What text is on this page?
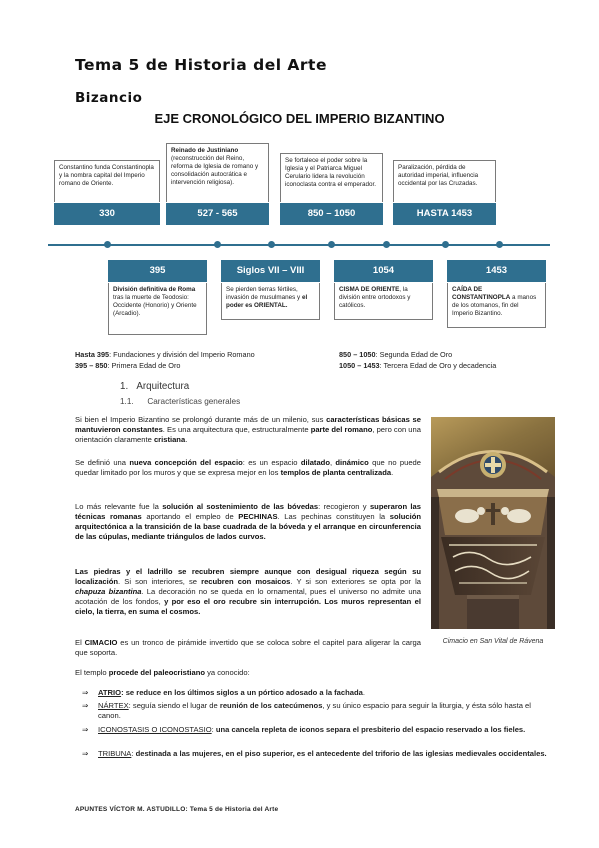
Tema 5 de Historia del Arte
Bizancio
EJE CRONOLÓGICO DEL IMPERIO BIZANTINO
Constantino funda Constantinopla y la nombra capital del Imperio romano de Oriente.
Reinado de Justiniano (reconstrucción del Reino, reforma de Iglesia de romano y consolidación autocrática e intervención religiosa).
Se fortalece el poder sobre la Iglesia y el Patriarca Miguel Cerulario lidera la revolución iconoclasta contra el emperador.
Paralización, pérdida de autoridad imperial, influencia occidental por las Cruzadas.
330	527 - 565	850 – 1050	HASTA 1453
395	Siglos VII – VIII	1054	1453
División definitiva de Roma tras la muerte de Teodosio: Occidente (Honorio) y Oriente (Arcadio).
Se pierden tierras fértiles, invasión de musulmanes y el poder es ORIENTAL.
CISMA DE ORIENTE, la división entre ortodoxos y católicos.
CAÍDA DE CONSTANTINOPLA a manos de los otomanos, fin del Imperio Bizantino.
Hasta 395: Fundaciones y división del Imperio Romano
395 – 850: Primera Edad de Oro
850 – 1050: Segunda Edad de Oro
1050 – 1453: Tercera Edad de Oro y decadencia
1. Arquitectura
1.1. Características generales
Si bien el Imperio Bizantino se prolongó durante más de un milenio, sus características básicas se mantuvieron constantes. Es una arquitectura que, estructuralmente parte del romano, pero con una orientación claramente cristiana.
Se definió una nueva concepción del espacio: es un espacio dilatado, dinámico que no puede quedar limitado por los muros y que se expresa mejor en los templos de planta centralizada.
Lo más relevante fue la solución al sostenimiento de las bóvedas: recogieron y superaron las técnicas romanas aportando el empleo de PECHINAS. Las pechinas constituyen la solución arquitectónica a la transición de la base cuadrada de la bóveda y el arranque en circunferencia de las cúpulas, mediante triángulos de lados curvos.
Las piedras y el ladrillo se recubren siempre aunque con desigual riqueza según su localización. Si son interiores, se recubren con mosaicos. Y si son exteriores se opta por la chapuza bizantina. La decoración no se queda en lo ornamental, pues el universo no admite una acotación de los fondos, y por eso el oro recubre sin interrupción. Los muros representan el cielo, la tierra, en suma el cosmos.
El CIMACIO es un tronco de pirámide invertido que se coloca sobre el capitel para aligerar la carga que soporta.
El templo procede del paleocristiano ya conocido:
⇒ ATRIO: se reduce en los últimos siglos a un pórtico adosado a la fachada.
⇒ NÁRTEX: seguía siendo el lugar de reunión de los catecúmenos, y su único espacio para seguir la liturgia, y ésta sólo hasta el canon.
⇒ ICONOSTASIS O ICONOSTASIO: una cancela repleta de iconos separa el presbiterio del espacio reservado a los fieles.
⇒ TRIBUNA: destinada a las mujeres, en el piso superior, es el antecedente del triforio de las iglesias medievales occidentales.
Cimacio en San Vital de Rávena
APUNTES VÍCTOR M. ASTUDILLO: Tema 5 de Historia del Arte
